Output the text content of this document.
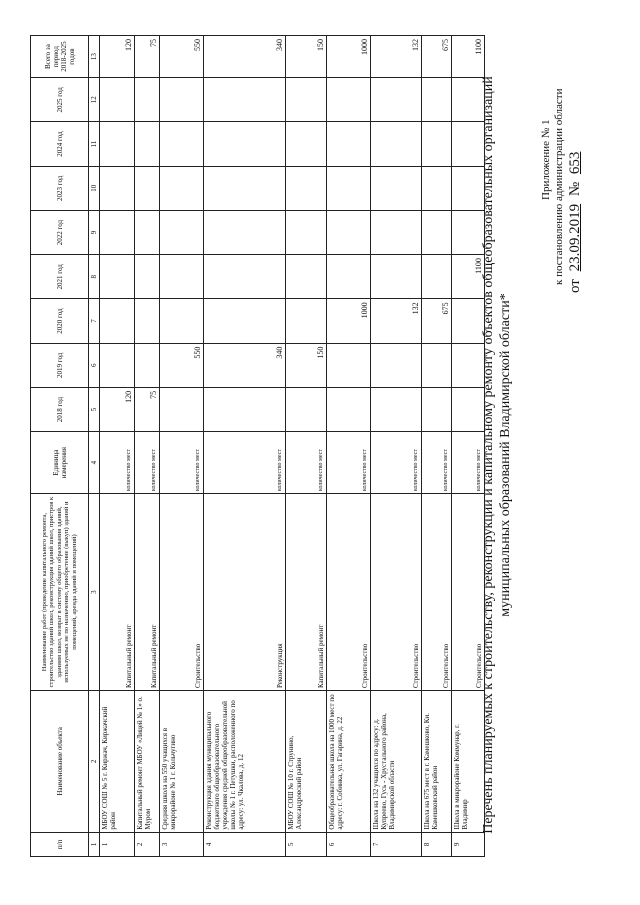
Приложение № 1 к постановлению администрации области
от 23.09.2019 № 653
Перечень планируемых к строительству, реконструкции и капитальному ремонту объектов общеобразовательных организаций муниципальных образований Владимирской области*
п/п	Наименование объекта	Наименование работ (проведение капитального ремонта, строительство зданий школ, реконструкция зданий школ, пристроя к зданиям школ, возврат в систему общего образования зданий, используемых не по назначению, приобретение (выкуп) зданий и помещений, аренда зданий и помещений)	Единица измерения	2018 год	2019 год	2020 год	2021 год	2022 год	2023 год	2024 год	2025 год	Всего за период 2018-2025 годов
1	2	3	4	5	6	7	8	9	10	11	12	13
1	МБОУ СОШ № 5 г. Киржач, Киржачский район	Капитальный ремонт	количество мест	120								120
2	Капитальный ремонт МБОУ «Лицей № 1» о. Муром	Капитальный ремонт	количество мест	75								75
3	Средняя школа на 550 учащихся в микрорайоне № 1 г. Кольчугино	Строительство	количество мест		550							550
4	Реконструкция здания муниципального бюджетного общеобразовательного учреждения средней общеобразовательной школы № 1 г. Петушки, расположенного по адресу: ул. Чкалова, д. 12	Реконструкция	количество мест		340							340
5	МБОУ СОШ № 10 г. Струнино, Александровский район	Капитальный ремонт	количество мест		150							150
6	Общеобразовательная школа на 1000 мест по адресу: г. Собинка, ул. Гагарина, д. 22	Строительство	количество мест			1000						1000
7	Школа на 132 учащихся по адресу: д. Купреево, Гусь - Хрустального района, Владимирской области	Строительство	количество мест			132						132
8	Школа на 675 мест в г. Камешково, Ки. Камешковский район	Строительство	количество мест			675						675
9	Школа в микрорайоне Коммунар, г. Владимир	Строительство	количество мест				1100					1100
